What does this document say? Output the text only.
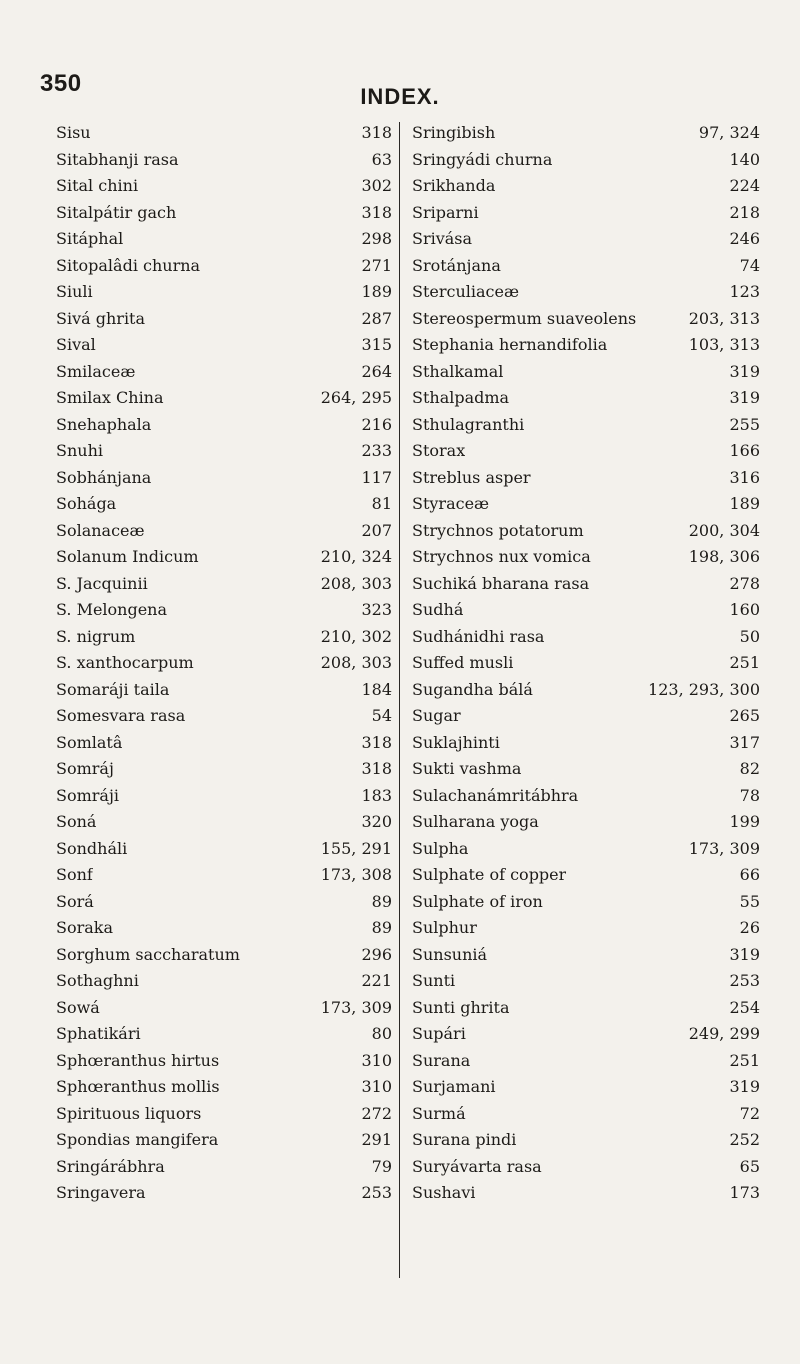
350	INDEX.
Sisu	318
Sitabhanji rasa	63
Sital chini	302
Sitalpátir gach	318
Sitáphal	298
Sitopalâdi churna	271
Siuli	189
Sivá ghrita	287
Sival	315
Smilaceæ	264
Smilax China	264, 295
Snehaphala	216
Snuhi	233
Sobhánjana	117
Sohága	81
Solanaceæ	207
Solanum Indicum	210, 324
S. Jacquinii	208, 303
S. Melongena	323
S. nigrum	210, 302
S. xanthocarpum	208, 303
Somaráji taila	184
Somesvara rasa	54
Somlatâ	318
Somráj	318
Somráji	183
Soná	320
Sondháli	155, 291
Sonf	173, 308
Sorá	89
Soraka	89
Sorghum saccharatum	296
Sothaghni	221
Sowá	173, 309
Sphatikári	80
Sphœranthus hirtus	310
Sphœranthus mollis	310
Spirituous liquors	272
Spondias mangifera	291
Sringárábhra	79
Sringavera	253
Sringibish	97, 324
Sringyádi churna	140
Srikhanda	224
Sriparni	218
Srivása	246
Srotánjana	74
Sterculiaceæ	123
Stereospermum suaveolens	203, 313
Stephania hernandifolia	103, 313
Sthalkamal	319
Sthalpadma	319
Sthulagranthi	255
Storax	166
Streblus asper	316
Styraceæ	189
Strychnos potatorum	200, 304
Strychnos nux vomica	198, 306
Suchiká bharana rasa	278
Sudhá	160
Sudhánidhi rasa	50
Suffed musli	251
Sugandha bálá	123, 293, 300
Sugar	265
Suklajhinti	317
Sukti vashma	82
Sulachanámritábhra	78
Sulharana yoga	199
Sulpha	173, 309
Sulphate of copper	66
Sulphate of iron	55
Sulphur	26
Sunsuniá	319
Sunti	253
Sunti ghrita	254
Supári	249, 299
Surana	251
Surjamani	319
Surmá	72
Surana pindi	252
Suryávarta rasa	65
Sushavi	173
